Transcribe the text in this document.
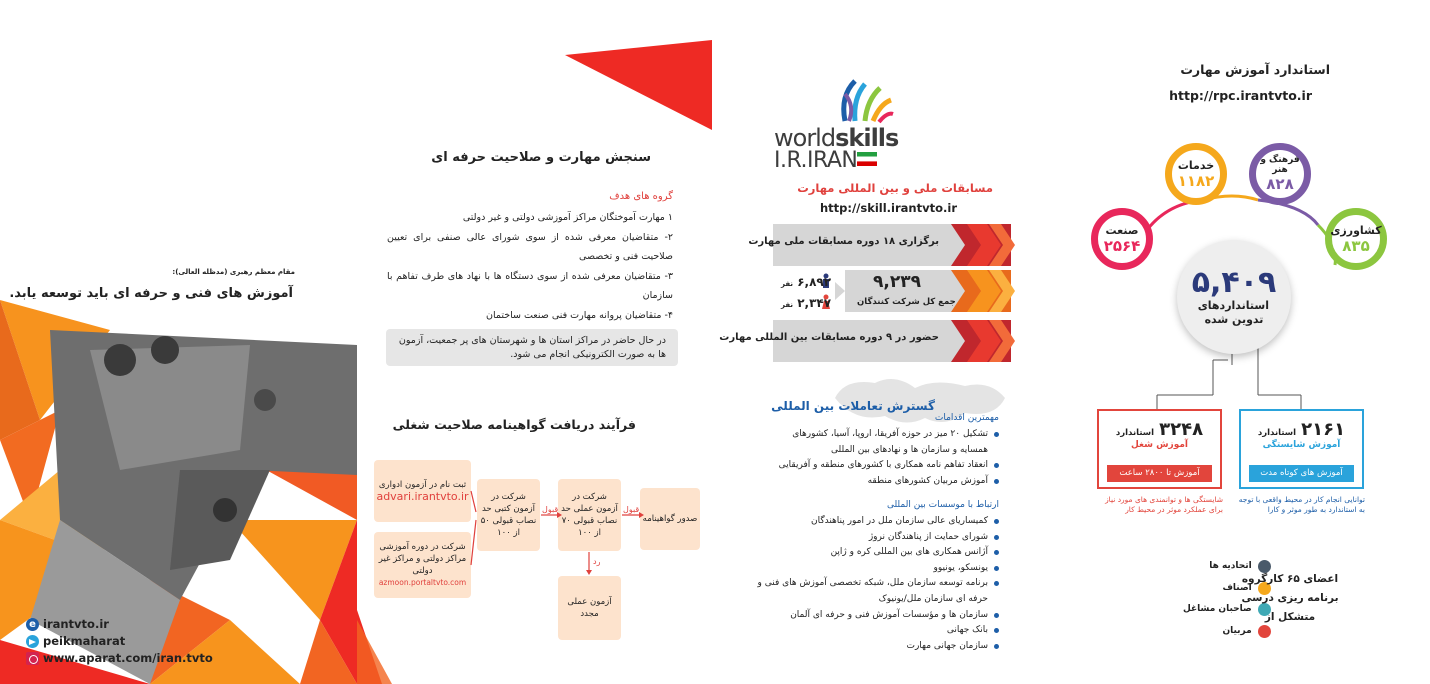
مقام معظم رهبری (مدظله العالی):
آموزش های فنی و حرفه ای باید توسعه یابد.
e irantvto.ir
peikmaharat
www.aparat.com/iran.tvto
سنجش مهارت و صلاحیت حرفه ای
گروه های هدف
۱ مهارت آموختگان مراکز آموزشی دولتی و غیر دولتی
۲- متقاضیان معرفی شده از سوی شورای عالی صنفی برای تعیین صلاحیت فنی و تخصصی
۳- متقاضیان معرفی شده از سوی دستگاه ها با نهاد های طرف تفاهم با سازمان
۴- متقاضیان پروانه مهارت فنی صنعت ساختمان
در حال حاضر در مراکز استان ها و شهرستان های پر جمعیت، آزمون ها به صورت الکترونیکی انجام می شود.
فرآیند دریافت گواهینامه صلاحیت شغلی
ثبت نام در آزمون ادواری
advari.irantvto.ir
شرکت در دوره آموزشی مراکز دولتی و مراکز غیر دولتی
azmoon.portaltvto.com
شرکت در آزمون کتبی حد نصاب قبولی ۵۰ از ۱۰۰
شرکت در آزمون عملی حد نصاب قبولی ۷۰ از ۱۰۰
صدور گواهینامه
آزمون عملی مجدد
قبول	قبول
رد
worldskills
I.R.IRAN
مسابقات ملی و بین المللی مهارت
http://skill.irantvto.ir
برگزاری ۱۸ دوره مسابقات ملی مهارت
حضور در ۹ دوره مسابقات بین المللی مهارت
۹,۲۳۹
جمع کل شرکت کنندگان
۶,۸۹۲ نفر
۲,۳۴۷ نفر
گسترش تعاملات بین المللی
مهمترین اقدامات
تشکیل ۲۰ میز در حوزه آفریقا، اروپا، آسیا، کشورهای همسایه و سازمان ها و نهادهای بین المللی
انعقاد تفاهم نامه همکاری با کشورهای منطقه و آفریقایی
آموزش مربیان کشورهای منطقه
ارتباط با موسسات بین المللی
کمیساریای عالی سازمان ملل در امور پناهندگان
شورای حمایت از پناهندگان نروژ
آژانس همکاری های بین المللی کره و ژاپن
یونسکو، یونیوو
برنامه توسعه سازمان ملل، شبکه تخصصی آموزش های فنی و حرفه ای سازمان ملل/یونیوک
سازمان ها و مؤسسات آموزش فنی و حرفه ای آلمان
بانک جهانی
سازمان جهانی مهارت
استاندارد آموزش مهارت
http://rpc.irantvto.ir
صنعت
۲۵۶۴
خدمات
۱۱۸۲
فرهنگ و هنر
۸۲۸
کشاورزی
۸۳۵
۵,۴۰۹
استانداردهای تدوین شده
۳۲۴۸ استاندارد
آموزش شغل
آموزش تا ۲۸۰۰ ساعت
۲۱۶۱ استاندارد
آموزش شایستگی
آموزش های کوتاه مدت
شایستگی ها و توانمندی های مورد نیاز برای عملکرد موثر در محیط کار
توانایی انجام کار در محیط واقعی با توجه به استاندارد به طور موثر و کارا
اتحادیه ها
اصناف
صاحبان مشاغل
مربیان
اعضای ۶۵ کارگروه برنامه ریزی درسی متشکل از
